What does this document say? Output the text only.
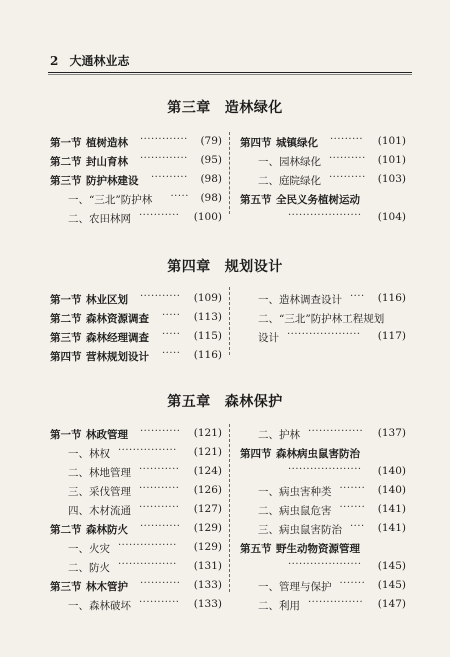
2 大通林业志
第三章 造林绿化
第一节 植树造林 ············· (79)
第二节 封山育林 ············· (95)
第三节 防护林建设 ·········· (98)
一、“三北”防护林 ····· (98)
二、农田林网 ··········· (100)
第四节 城镇绿化 ········· (101)
一、园林绿化 ·········· (101)
二、庭院绿化 ·········· (103)
第五节 全民义务植树运动
···················· (104)
第四章 规划设计
第一节 林业区划 ··········· (109)
第二节 森林资源调查 ····· (113)
第三节 森林经理调查 ····· (115)
第四节 营林规划设计 ····· (116)
一、造林调查设计 ···· (116)
二、“三北”防护林工程规划
设计 ···················· (117)
第五章 森林保护
第一节 林政管理 ··········· (121)
一、林权 ················ (121)
二、林地管理 ··········· (124)
三、采伐管理 ··········· (126)
四、木材流通 ··········· (127)
第二节 森林防火 ··········· (129)
一、火灾 ················ (129)
二、防火 ················ (131)
第三节 林木管护 ··········· (133)
一、森林破坏 ··········· (133)
二、护林 ··············· (137)
第四节 森林病虫鼠害防治
···················· (140)
一、病虫害种类 ······· (140)
二、病虫鼠危害 ······· (141)
三、病虫鼠害防治 ···· (141)
第五节 野生动物资源管理
···················· (145)
一、管理与保护 ······· (145)
二、利用 ··············· (147)
